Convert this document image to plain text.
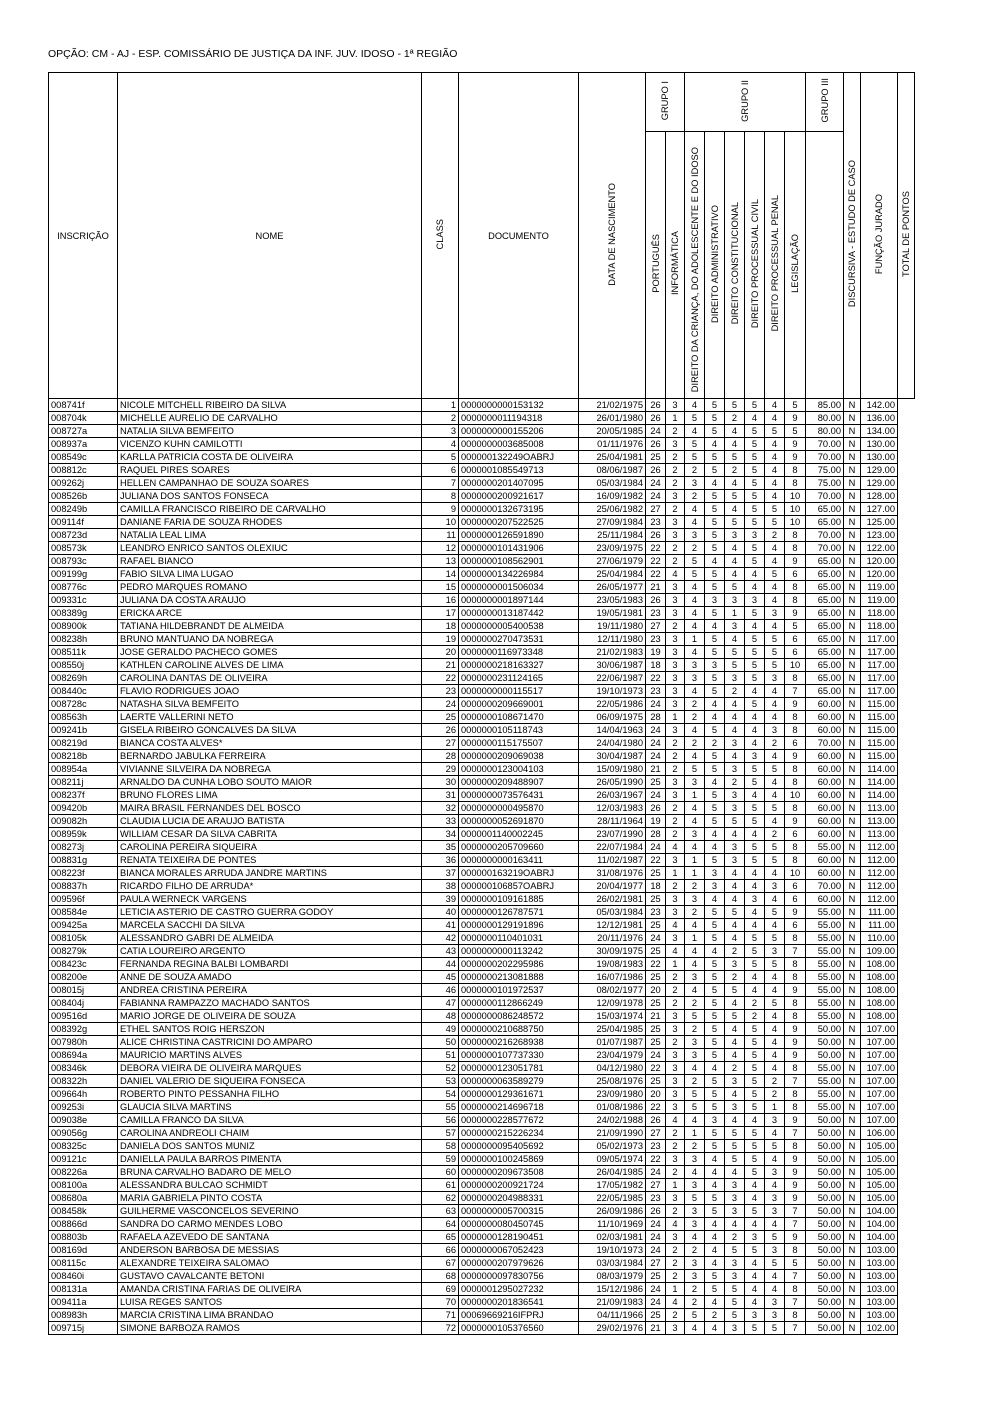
OPÇÃO: CM - AJ - ESP. COMISSÁRIO DE JUSTIÇA DA INF. JUV. IDOSO - 1ª REGIÃO
INSCRIÇÃO	NOME	CLASS	DOCUMENTO	DATA DE NASCIMENTO	GRUPO I		GRUPO II						GRUPO III	DISCURSIVA - ESTUDO DE CASO	FUNÇÃO JURADO	TOTAL DE PONTOS
					PORTUGUÊS	INFORMÁTICA	DIREITO DA CRIANÇA, DO ADOLESCENTE E DO IDOSO	DIREITO ADMINISTRATIVO	DIREITO CONSTITUCIONAL	DIREITO PROCESSUAL CIVIL	DIREITO PROCESSUAL PENAL	LEGISLAÇÃO				
008741f	NICOLE MITCHELL RIBEIRO DA SILVA	1	0000000000153132	21/02/1975	26	3	4	5	5	5	4	5	85.00	N	142.00	
008704k	MICHELLE AURELIO DE CARVALHO	2	0000000011194318	26/01/1980	26	1	5	5	2	4	4	9	80.00	N	136.00	
008727a	NATALIA SILVA BEMFEITO	3	0000000000155206	20/05/1985	24	2	4	5	4	5	5	5	80.00	N	134.00	
008937a	VICENZO KUHN CAMILOTTI	4	0000000003685008	01/11/1976	26	3	5	4	4	5	4	9	70.00	N	130.00	
008549c	KARLLA PATRICIA COSTA DE OLIVEIRA	5	000000132249OABRJ	25/04/1981	25	2	5	5	5	5	4	9	70.00	N	130.00	
008812c	RAQUEL PIRES SOARES	6	0000001085549713	08/06/1987	26	2	2	5	2	5	4	8	75.00	N	129.00	
009262j	HELLEN CAMPANHAO DE SOUZA SOARES	7	0000000201407095	05/03/1984	24	2	3	4	4	5	4	8	75.00	N	129.00	
008526b	JULIANA DOS SANTOS FONSECA	8	0000000200921617	16/09/1982	24	3	2	5	5	5	4	10	70.00	N	128.00	
008249b	CAMILLA FRANCISCO RIBEIRO DE CARVALHO	9	0000000132673195	25/06/1982	27	2	4	5	4	5	5	10	65.00	N	127.00	
009114f	DANIANE FARIA DE SOUZA RHODES	10	0000000207522525	27/09/1984	23	3	4	5	5	5	5	10	65.00	N	125.00	
008723d	NATALIA LEAL LIMA	11	0000000126591890	25/11/1984	26	3	3	5	3	3	2	8	70.00	N	123.00	
008573k	LEANDRO ENRICO SANTOS OLEXIUC	12	0000000101431906	23/09/1975	22	2	2	5	4	5	4	8	70.00	N	122.00	
008793c	RAFAEL BIANCO	13	0000000108562901	27/06/1979	22	2	5	4	4	5	4	9	65.00	N	120.00	
009199g	FABIO SILVA LIMA LUGAO	14	0000000134226984	25/04/1984	22	4	5	5	4	4	5	6	65.00	N	120.00	
008776c	PEDRO MARQUES ROMANO	15	0000000001506034	26/05/1977	21	3	4	5	5	4	4	8	65.00	N	119.00	
009331c	JULIANA DA COSTA ARAUJO	16	0000000001897144	23/05/1983	26	3	4	3	3	3	4	8	65.00	N	119.00	
008389g	ERICKA ARCE	17	0000000013187442	19/05/1981	23	3	4	5	1	5	3	9	65.00	N	118.00	
008900k	TATIANA HILDEBRANDT DE ALMEIDA	18	0000000005400538	19/11/1980	27	2	4	4	3	4	4	5	65.00	N	118.00	
008238h	BRUNO MANTUANO DA NOBREGA	19	0000000270473531	12/11/1980	23	3	1	5	4	5	5	6	65.00	N	117.00	
008511k	JOSE GERALDO PACHECO GOMES	20	0000000116973348	21/02/1983	19	3	4	5	5	5	5	6	65.00	N	117.00	
008550j	KATHLEN CAROLINE ALVES DE LIMA	21	0000000218163327	30/06/1987	18	3	3	3	5	5	5	10	65.00	N	117.00	
008269h	CAROLINA DANTAS DE OLIVEIRA	22	0000000231124165	22/06/1987	22	3	3	5	3	5	3	8	65.00	N	117.00	
008440c	FLAVIO RODRIGUES JOAO	23	0000000000115517	19/10/1973	23	3	4	5	2	4	4	7	65.00	N	117.00	
008728c	NATASHA SILVA BEMFEITO	24	0000000209669001	22/05/1986	24	3	2	4	4	5	4	9	60.00	N	115.00	
008563h	LAERTE VALLERINI NETO	25	0000000108671470	06/09/1975	28	1	2	4	4	4	4	8	60.00	N	115.00	
009241b	GISELA RIBEIRO GONCALVES DA SILVA	26	0000000105118743	14/04/1963	24	3	4	5	4	4	3	8	60.00	N	115.00	
008219d	BIANCA COSTA ALVES*	27	0000000115175507	24/04/1980	24	2	2	2	3	4	2	6	70.00	N	115.00	
008218b	BERNARDO JABULKA FERREIRA	28	0000000209069038	30/04/1987	24	2	4	5	4	3	4	9	60.00	N	115.00	
008954a	VIVIANNE SILVEIRA DA NOBREGA	29	0000000123004103	15/09/1980	21	2	5	5	3	5	5	8	60.00	N	114.00	
008211j	ARNALDO DA CUNHA LOBO SOUTO MAIOR	30	0000000209488907	26/05/1990	25	3	3	4	2	5	4	8	60.00	N	114.00	
008237f	BRUNO FLORES LIMA	31	0000000073576431	26/03/1967	24	3	1	5	3	4	4	10	60.00	N	114.00	
009420b	MAIRA BRASIL FERNANDES DEL BOSCO	32	0000000000495870	12/03/1983	26	2	4	5	3	5	5	8	60.00	N	113.00	
009082h	CLAUDIA LUCIA DE ARAUJO BATISTA	33	0000000052691870	28/11/1964	19	2	4	5	5	5	4	9	60.00	N	113.00	
008959k	WILLIAM CESAR DA SILVA CABRITA	34	0000001140002245	23/07/1990	28	2	3	4	4	4	2	6	60.00	N	113.00	
008273j	CAROLINA PEREIRA SIQUEIRA	35	0000000205709660	22/07/1984	24	4	4	4	3	5	5	8	55.00	N	112.00	
008831g	RENATA TEIXEIRA DE PONTES	36	0000000000163411	11/02/1987	22	3	1	5	3	5	5	8	60.00	N	112.00	
008223f	BIANCA MORALES ARRUDA JANDRE MARTINS	37	000000163219OABRJ	31/08/1976	25	1	1	3	4	4	4	10	60.00	N	112.00	
008837h	RICARDO FILHO DE ARRUDA*	38	000000106857OABRJ	20/04/1977	18	2	2	3	4	4	3	6	70.00	N	112.00	
009596f	PAULA WERNECK VARGENS	39	0000000109161885	26/02/1981	25	3	3	4	4	3	4	6	60.00	N	112.00	
008584e	LETICIA ASTERIO DE CASTRO GUERRA GODOY	40	0000000126787571	05/03/1984	23	3	2	5	5	4	5	9	55.00	N	111.00	
009425a	MARCELA SACCHI DA SILVA	41	0000000129191896	12/12/1981	25	4	4	5	4	4	4	6	55.00	N	111.00	
008105k	ALESSANDRO GABRI DE ALMEIDA	42	0000000110401031	20/11/1976	24	3	1	5	4	5	5	8	55.00	N	110.00	
008279k	CATIA LOUREIRO ARGENTO	43	0000000000113242	30/09/1975	25	4	4	4	2	5	3	7	55.00	N	109.00	
008423c	FERNANDA REGINA BALBI LOMBARDI	44	0000000202295986	19/08/1983	22	1	4	5	3	5	5	8	55.00	N	108.00	
008200e	ANNE DE SOUZA AMADO	45	0000000213081888	16/07/1986	25	2	3	5	2	4	4	8	55.00	N	108.00	
008015j	ANDREA CRISTINA PEREIRA	46	0000000101972537	08/02/1977	20	2	4	5	5	4	4	9	55.00	N	108.00	
008404j	FABIANNA RAMPAZZO MACHADO SANTOS	47	0000000112866249	12/09/1978	25	2	2	5	4	2	5	8	55.00	N	108.00	
009516d	MARIO JORGE DE OLIVEIRA DE SOUZA	48	0000000086248572	15/03/1974	21	3	5	5	5	2	4	8	55.00	N	108.00	
008392g	ETHEL SANTOS ROIG HERSZON	49	0000000210688750	25/04/1985	25	3	2	5	4	5	4	9	50.00	N	107.00	
007980h	ALICE CHRISTINA CASTRICINI DO AMPARO	50	0000000216268938	01/07/1987	25	2	3	5	4	5	4	9	50.00	N	107.00	
008694a	MAURICIO MARTINS ALVES	51	0000000107737330	23/04/1979	24	3	3	5	4	5	4	9	50.00	N	107.00	
008346k	DEBORA VIEIRA DE OLIVEIRA MARQUES	52	0000000123051781	04/12/1980	22	3	4	4	2	5	4	8	55.00	N	107.00	
008322h	DANIEL VALERIO DE SIQUEIRA FONSECA	53	0000000063589279	25/08/1976	25	3	2	5	3	5	2	7	55.00	N	107.00	
009664h	ROBERTO PINTO PESSANHA FILHO	54	0000000129361671	23/09/1980	20	3	5	5	4	5	2	8	55.00	N	107.00	
009253i	GLAUCIA SILVA MARTINS	55	0000000214696718	01/08/1986	22	3	5	5	3	5	1	8	55.00	N	107.00	
009038e	CAMILLA FRANCO DA SILVA	56	0000000228577672	24/02/1988	26	4	4	3	4	4	3	9	50.00	N	107.00	
009056g	CAROLINA ANDREOLI CHAIM	57	0000000215226234	21/09/1990	27	2	1	5	5	5	4	7	50.00	N	106.00	
008325c	DANIELA DOS SANTOS MUNIZ	58	0000000095405692	05/02/1973	23	2	2	5	5	5	5	8	50.00	N	105.00	
009121c	DANIELLA PAULA BARROS PIMENTA	59	0000000100245869	09/05/1974	22	3	3	4	5	5	4	9	50.00	N	105.00	
008226a	BRUNA CARVALHO BADARO DE MELO	60	0000000209673508	26/04/1985	24	2	4	4	4	5	3	9	50.00	N	105.00	
008100a	ALESSANDRA BULCAO SCHMIDT	61	0000000200921724	17/05/1982	27	1	3	4	3	4	4	9	50.00	N	105.00	
008680a	MARIA GABRIELA PINTO COSTA	62	0000000204988331	22/05/1985	23	3	5	5	3	4	3	9	50.00	N	105.00	
008458k	GUILHERME VASCONCELOS SEVERINO	63	0000000005700315	26/09/1986	26	2	3	5	3	5	3	7	50.00	N	104.00	
008866d	SANDRA DO CARMO MENDES LOBO	64	0000000080450745	11/10/1969	24	4	3	4	4	4	4	7	50.00	N	104.00	
008803b	RAFAELA AZEVEDO DE SANTANA	65	0000000128190451	02/03/1981	24	3	4	4	2	3	5	9	50.00	N	104.00	
008169d	ANDERSON BARBOSA DE MESSIAS	66	0000000067052423	19/10/1973	24	2	2	4	5	5	3	8	50.00	N	103.00	
008115c	ALEXANDRE TEIXEIRA SALOMAO	67	0000000207979626	03/03/1984	27	2	3	4	3	4	5	5	50.00	N	103.00	
008460i	GUSTAVO CAVALCANTE BETONI	68	0000000097830756	08/03/1979	25	2	3	5	3	4	4	7	50.00	N	103.00	
008131a	AMANDA CRISTINA FARIAS DE OLIVEIRA	69	0000001295027232	15/12/1986	24	1	2	5	5	4	4	8	50.00	N	103.00	
009411a	LUISA REGES SANTOS	70	0000000201836541	21/09/1983	24	4	2	4	5	4	3	7	50.00	N	103.00	
008983h	MARCIA CRISTINA LIMA BRANDAO	71	00069669216IFPRJ	04/11/1966	25	2	5	2	5	3	3	8	50.00	N	103.00	
009715j	SIMONE BARBOZA RAMOS	72	0000000105376560	29/02/1976	21	3	4	4	3	5	5	7	50.00	N	102.00	
